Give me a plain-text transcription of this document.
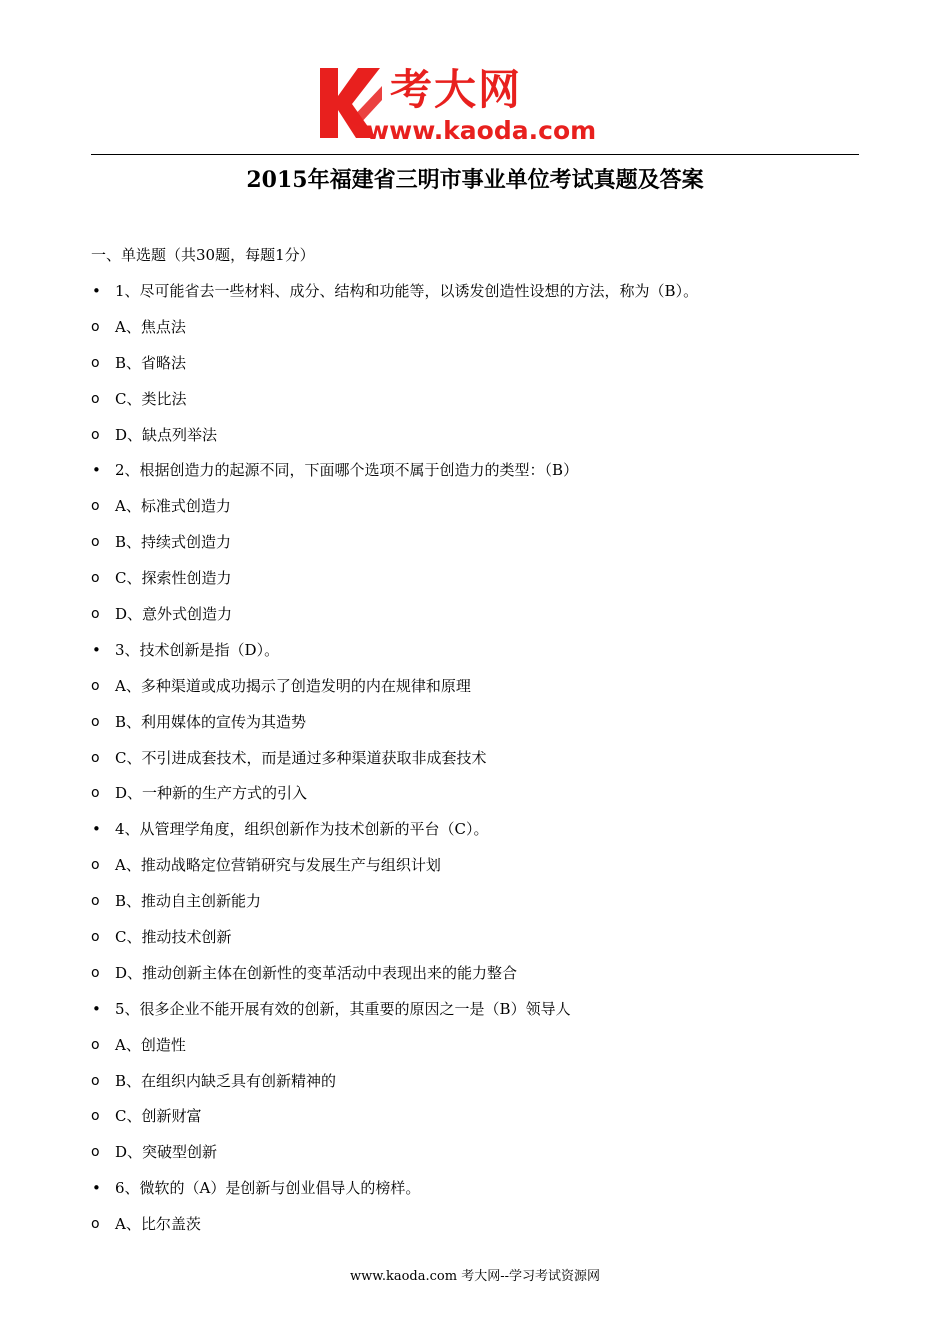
考大网
www.kaoda.com
2015年福建省三明市事业单位考试真题及答案
一、单选题（共30题，每题1分）
• 1、尽可能省去一些材料、成分、结构和功能等，以诱发创造性设想的方法，称为（B）。
o	A、焦点法
o	B、省略法
o	C、类比法
o	D、缺点列举法
• 2、根据创造力的起源不同，下面哪个选项不属于创造力的类型：（B）
o	A、标准式创造力
o	B、持续式创造力
o	C、探索性创造力
o	D、意外式创造力
• 3、技术创新是指（D）。
o	A、多种渠道或成功揭示了创造发明的内在规律和原理
o	B、利用媒体的宣传为其造势
o	C、不引进成套技术，而是通过多种渠道获取非成套技术
o	D、一种新的生产方式的引入
• 4、从管理学角度，组织创新作为技术创新的平台（C）。
o	A、推动战略定位营销研究与发展生产与组织计划
o	B、推动自主创新能力
o	C、推动技术创新
o	D、推动创新主体在创新性的变革活动中表现出来的能力整合
• 5、很多企业不能开展有效的创新，其重要的原因之一是（B）领导人
o	A、创造性
o	B、在组织内缺乏具有创新精神的
o	C、创新财富
o	D、突破型创新
• 6、微软的（A）是创新与创业倡导人的榜样。
o	A、比尔盖茨
www.kaoda.com 考大网--学习考试资源网
